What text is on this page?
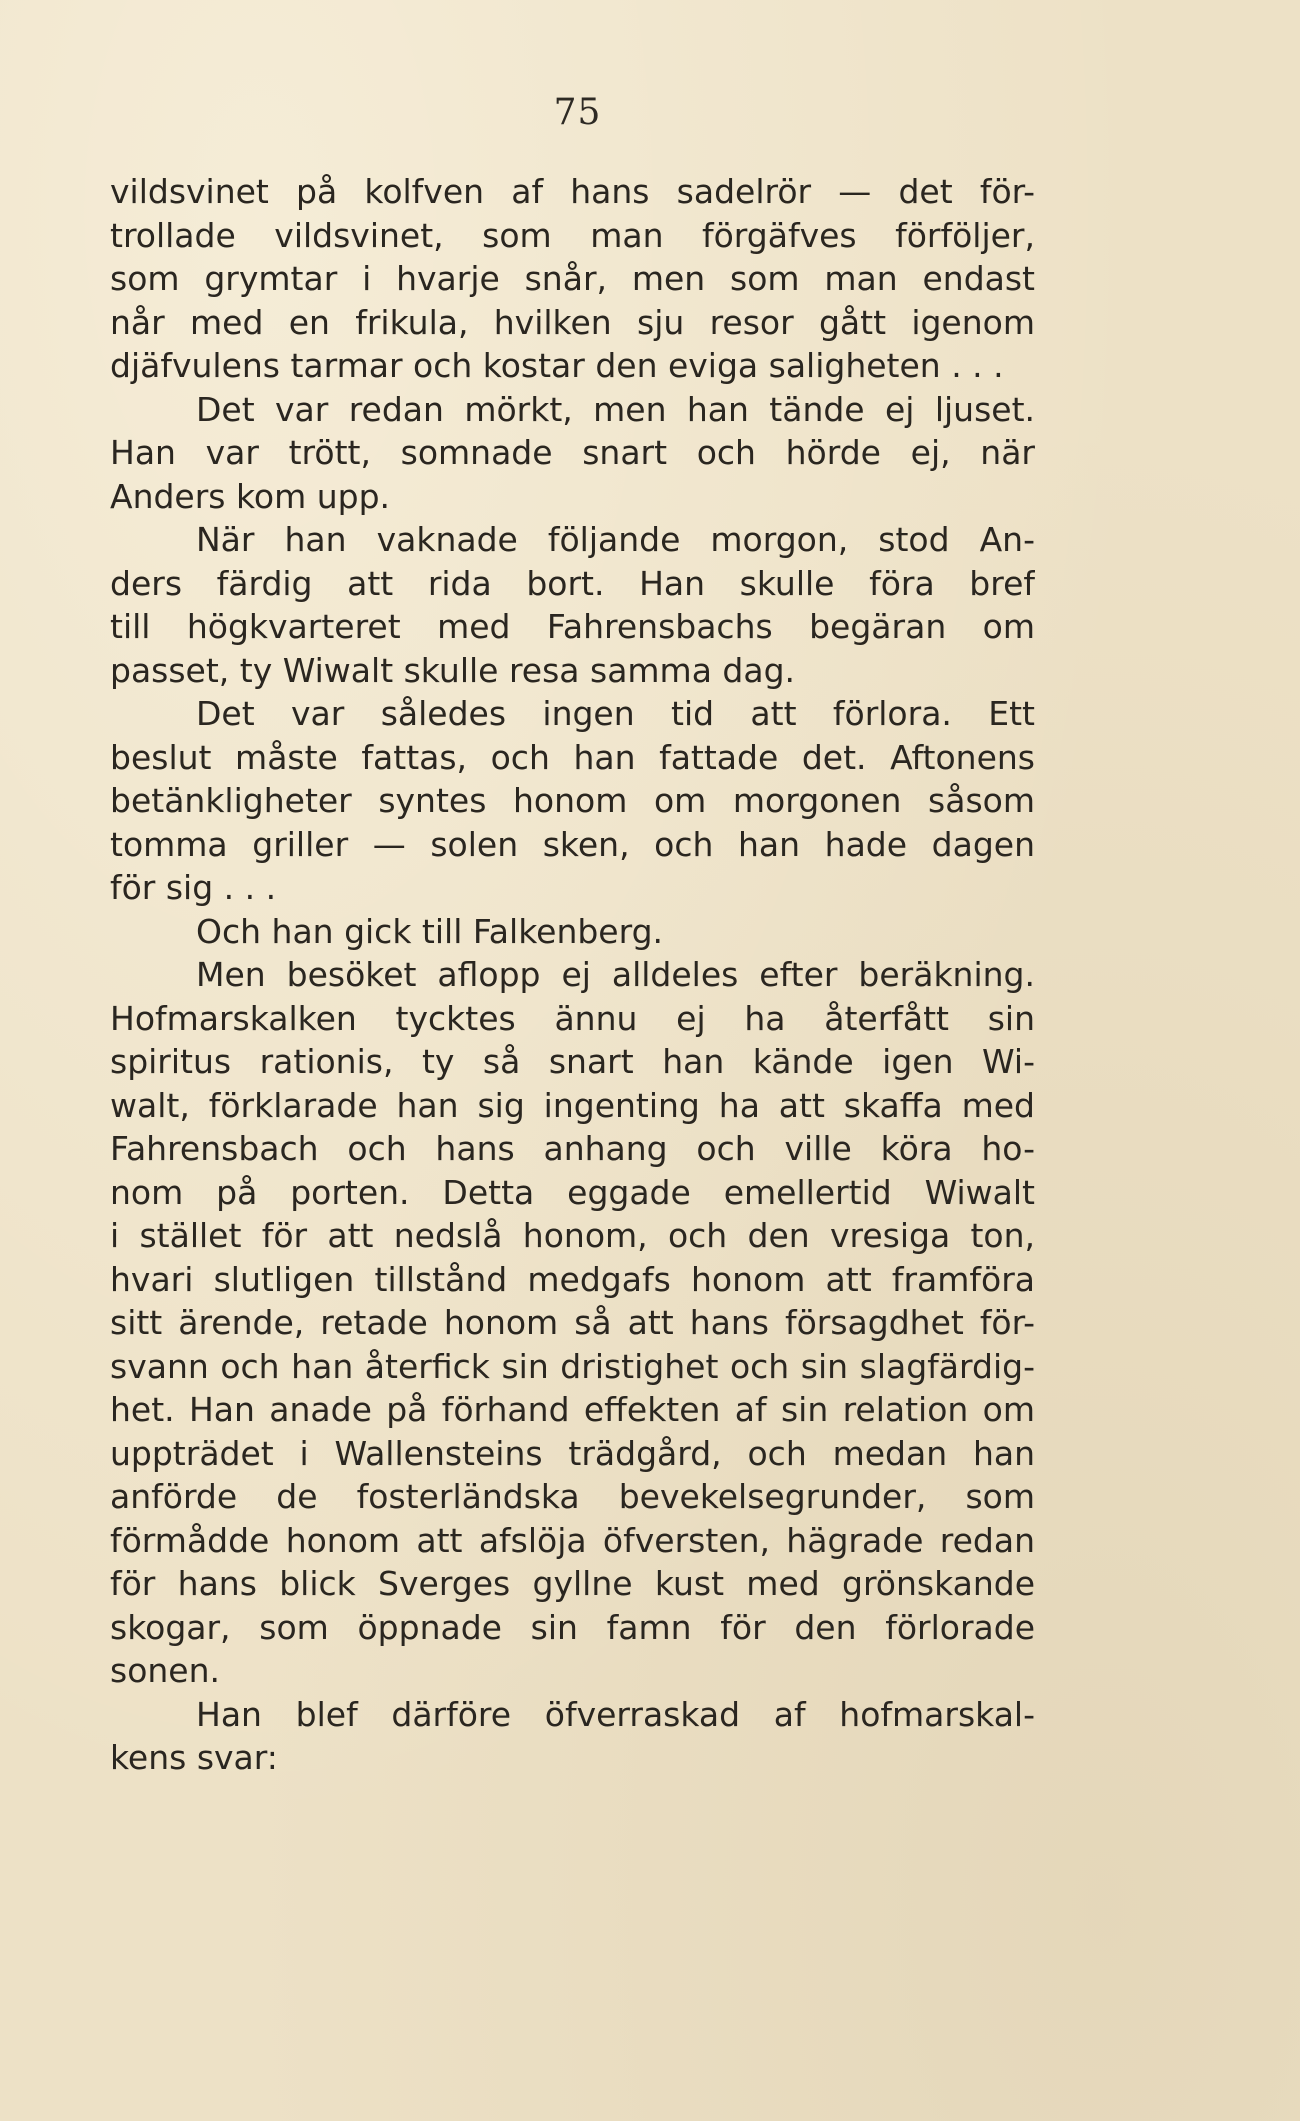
75
vildsvinet på kolfven af hans sadelrör — det för-
trollade vildsvinet, som man förgäfves förföljer,
som grymtar i hvarje snår, men som man endast
når med en frikula, hvilken sju resor gått igenom
djäfvulens tarmar och kostar den eviga saligheten . . .
Det var redan mörkt, men han tände ej ljuset.
Han var trött, somnade snart och hörde ej, när
Anders kom upp.
När han vaknade följande morgon, stod An-
ders färdig att rida bort. Han skulle föra bref
till högkvarteret med Fahrensbachs begäran om
passet, ty Wiwalt skulle resa samma dag.
Det var således ingen tid att förlora. Ett
beslut måste fattas, och han fattade det. Aftonens
betänkligheter syntes honom om morgonen såsom
tomma griller — solen sken, och han hade dagen
för sig . . .
Och han gick till Falkenberg.
Men besöket aflopp ej alldeles efter beräkning.
Hofmarskalken tycktes ännu ej ha återfått sin
spiritus rationis, ty så snart han kände igen Wi-
walt, förklarade han sig ingenting ha att skaffa med
Fahrensbach och hans anhang och ville köra ho-
nom på porten. Detta eggade emellertid Wiwalt
i stället för att nedslå honom, och den vresiga ton,
hvari slutligen tillstånd medgafs honom att framföra
sitt ärende, retade honom så att hans försagdhet för-
svann och han återfick sin dristighet och sin slagfärdig-
het. Han anade på förhand effekten af sin relation om
uppträdet i Wallensteins trädgård, och medan han
anförde de fosterländska bevekelsegrunder, som
förmådde honom att afslöja öfversten, hägrade redan
för hans blick Sverges gyllne kust med grönskande
skogar, som öppnade sin famn för den förlorade
sonen.
Han blef därföre öfverraskad af hofmarskal-
kens svar:
